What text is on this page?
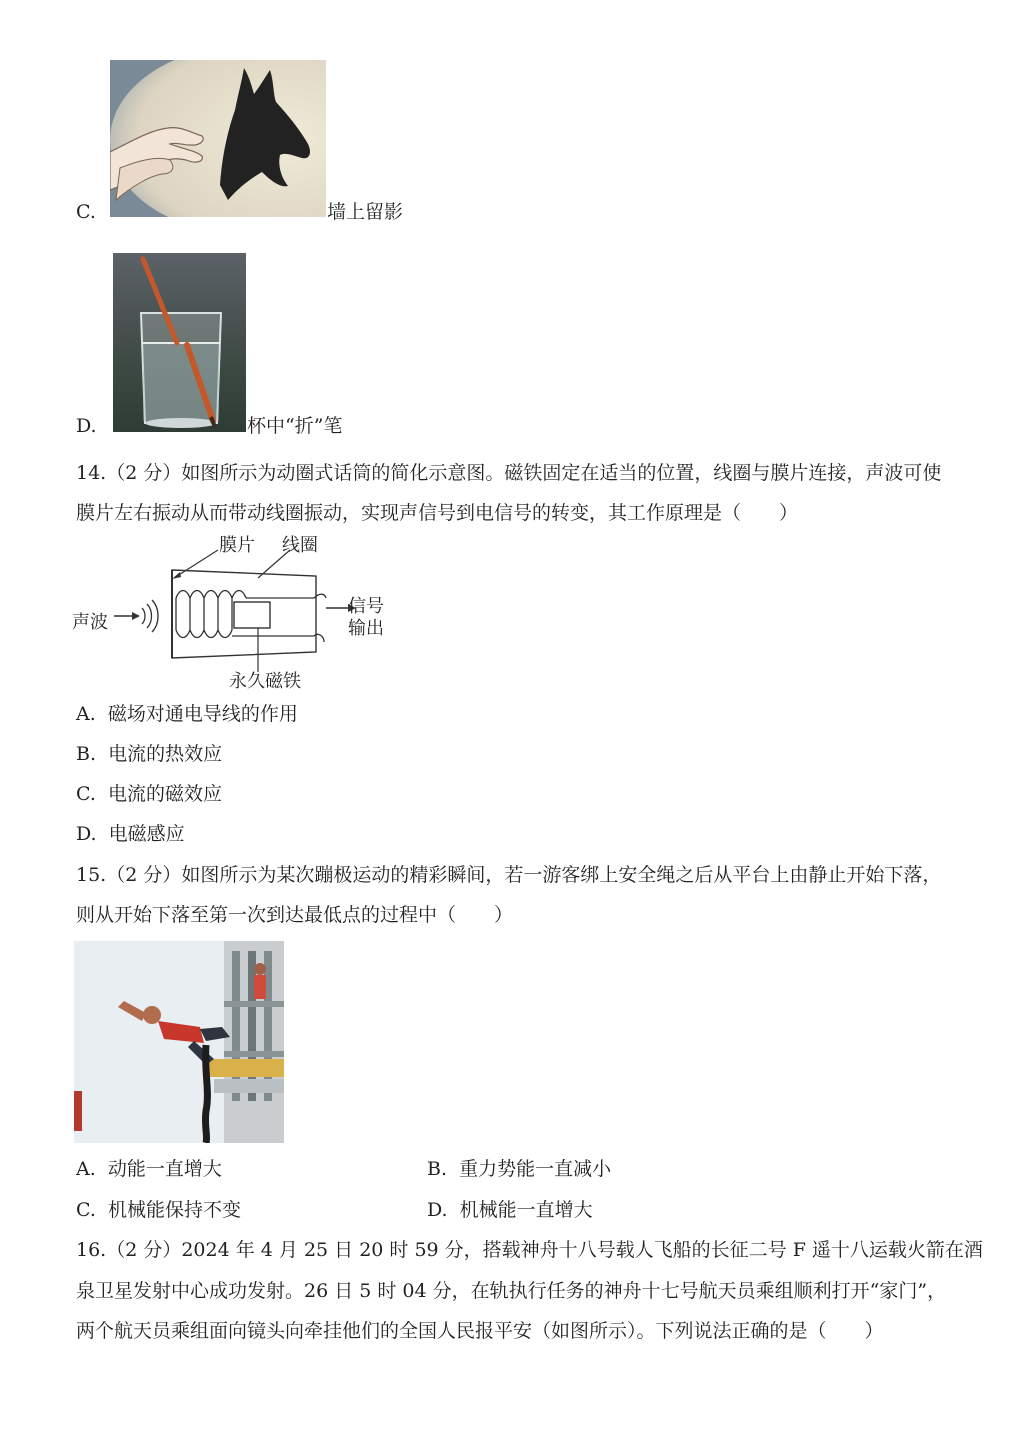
C.	墙上留影
D.	杯中“折”笔
14.（2 分）如图所示为动圈式话筒的简化示意图。磁铁固定在适当的位置，线圈与膜片连接，声波可使
膜片左右振动从而带动线圈振动，实现声信号到电信号的转变，其工作原理是（　　）
膜片 线圈
声波
信号
输出
永久磁铁
A. 磁场对通电导线的作用
B. 电流的热效应
C. 电流的磁效应
D. 电磁感应
15.（2 分）如图所示为某次蹦极运动的精彩瞬间，若一游客绑上安全绳之后从平台上由静止开始下落，
则从开始下落至第一次到达最低点的过程中（　　）
A. 动能一直增大	B. 重力势能一直减小
C. 机械能保持不变	D. 机械能一直增大
16.（2 分）2024 年 4 月 25 日 20 时 59 分，搭载神舟十八号载人飞船的长征二号 F 遥十八运载火箭在酒
泉卫星发射中心成功发射。26 日 5 时 04 分，在轨执行任务的神舟十七号航天员乘组顺利打开“家门”，
两个航天员乘组面向镜头向牵挂他们的全国人民报平安（如图所示）。下列说法正确的是（　　）
